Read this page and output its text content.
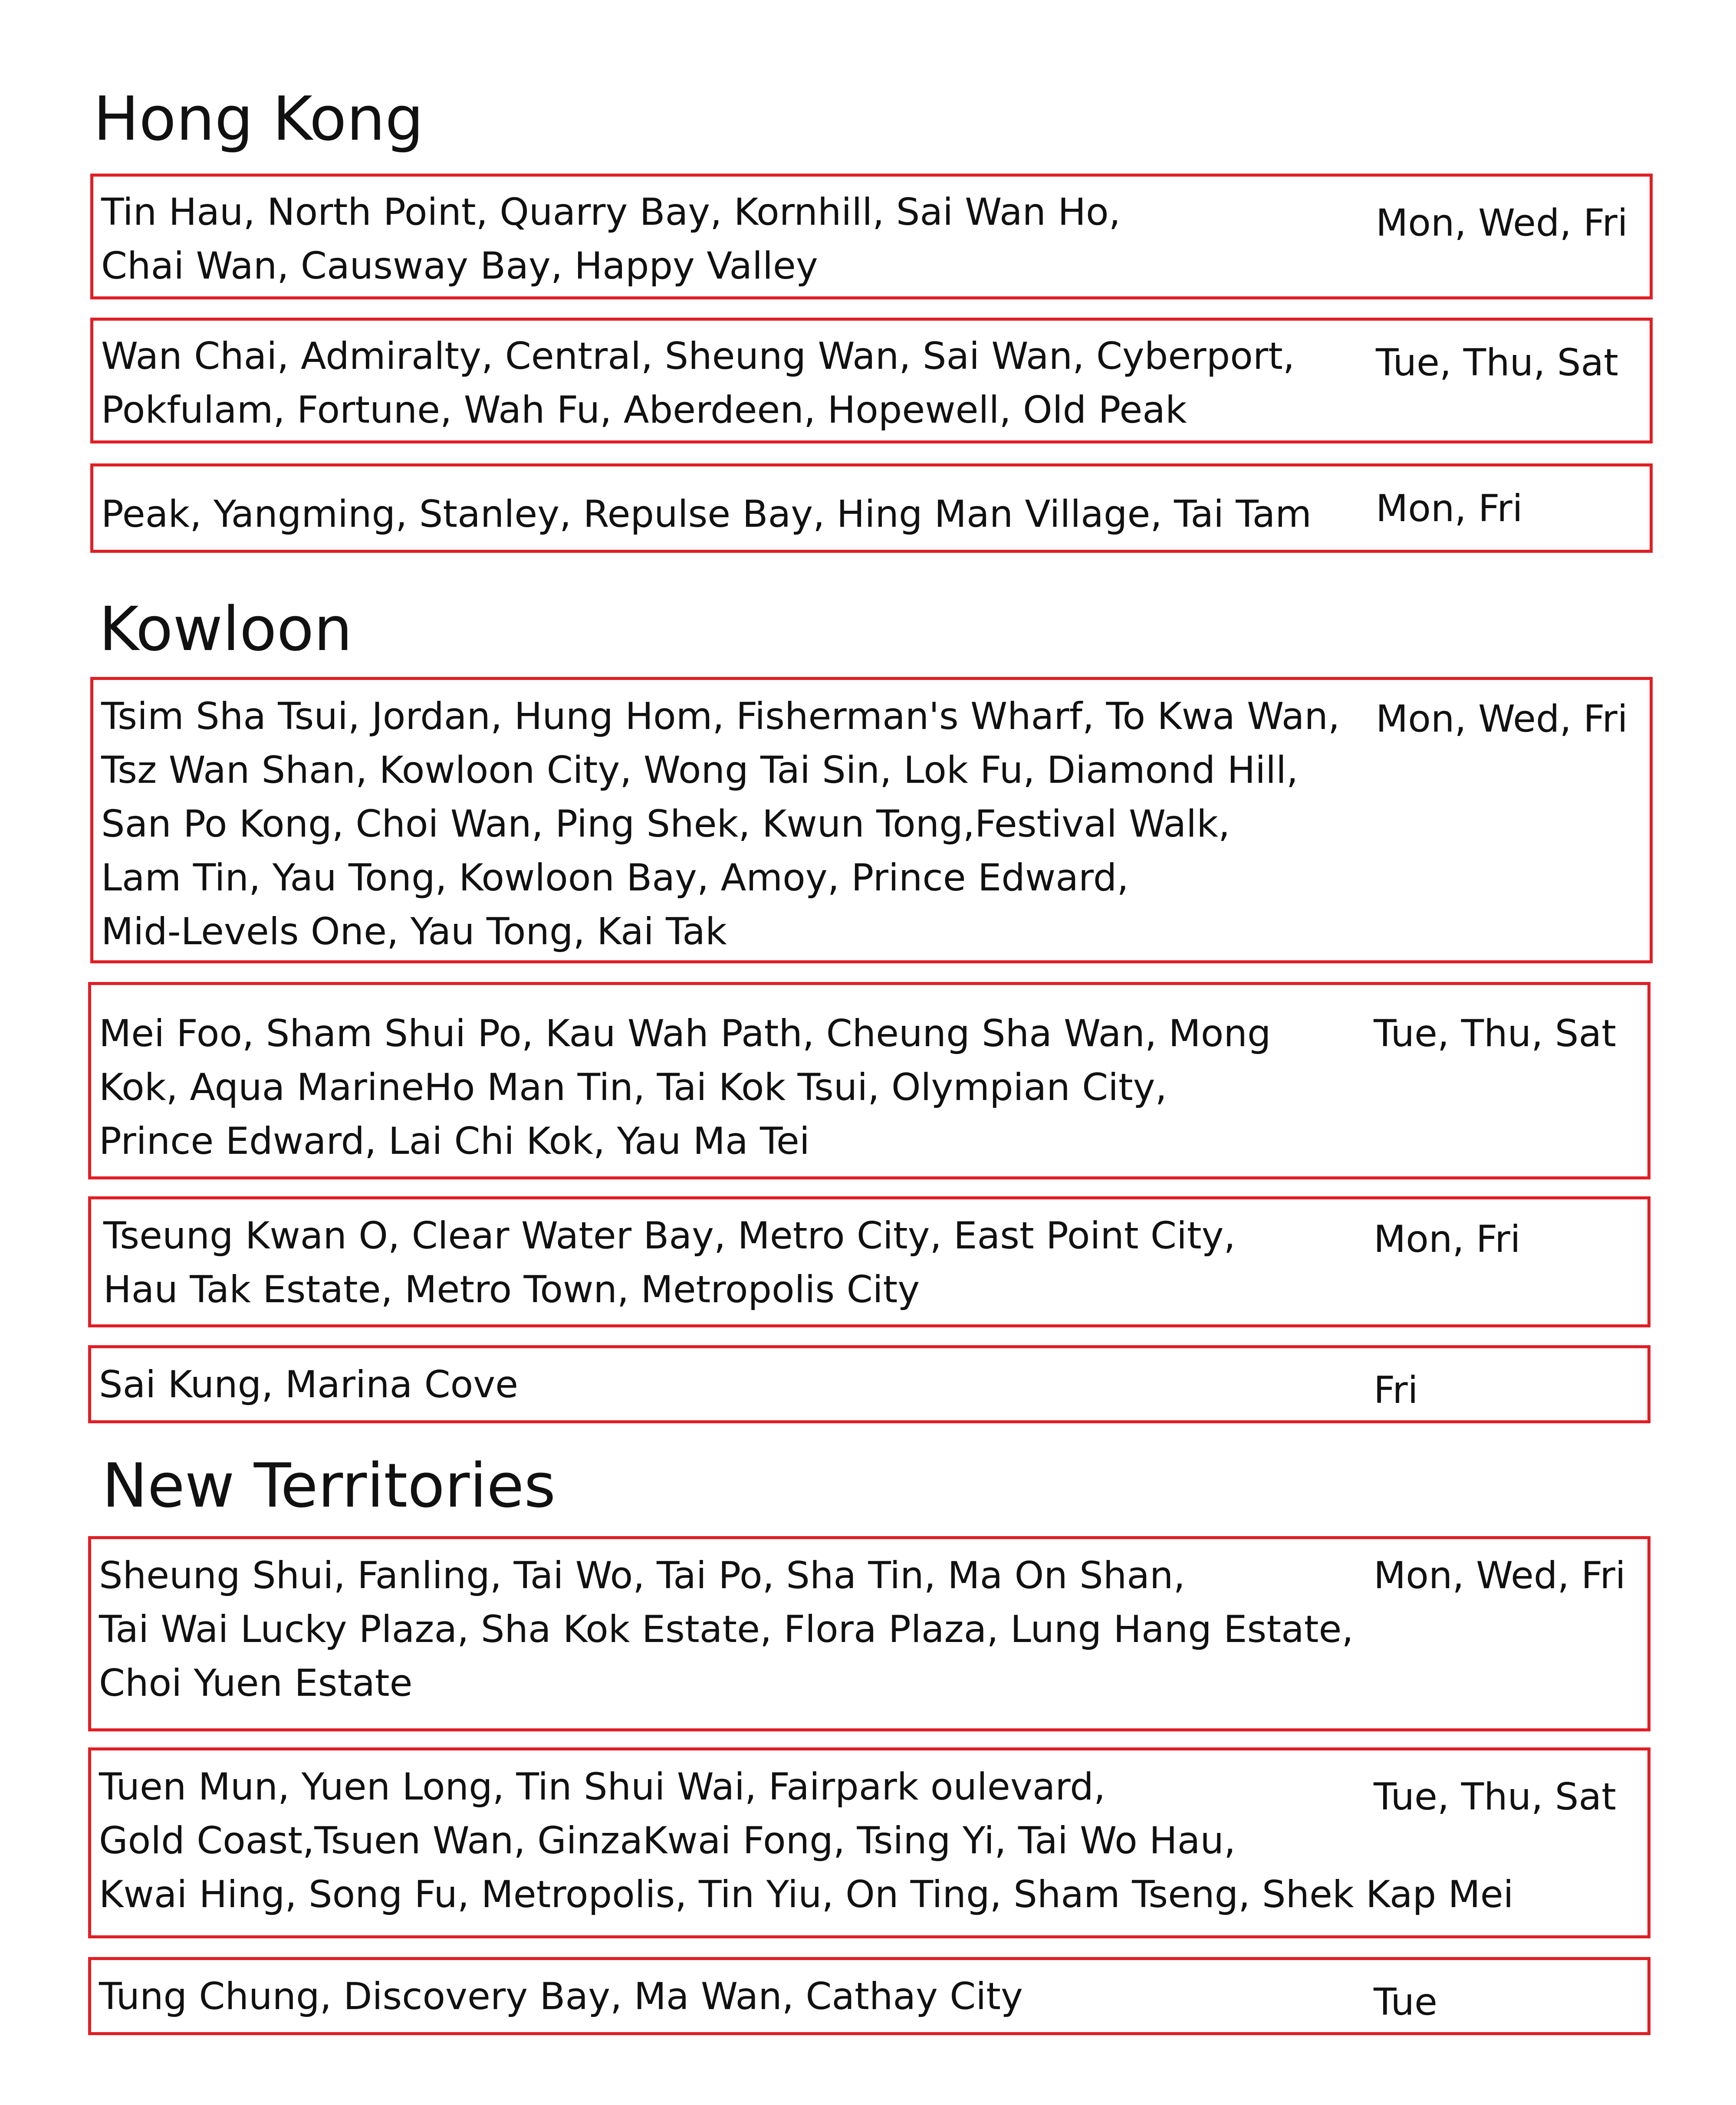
Hong Kong

Tin Hau, North Point, Quarry Bay, Kornhill, Sai Wan Ho,
Chai Wan, Causway Bay, Happy Valley

Mon, Wed, Fri

Wan Chai, Admiralty, Central, Sheung Wan, Sai Wan, Cyberport,
Pokfulam, Fortune, Wah Fu, Aberdeen, Hopewell, Old Peak

Tue, Thu, Sat

Peak, Yangming, Stanley, Repulse Bay, Hing Man Village, Tai Tam Mon, Fri

Kowloon

Tsim Sha Tsui, Jordan, Hung Hom, Fisherman's Wharf, To Kwa Wan,
Tsz Wan Shan, Kowloon City, Wong Tai Sin, Lok Fu, Diamond Hill,
San Po Kong, Choi Wan, Ping Shek, Kwun Tong,Festival Walk,
Lam Tin, Yau Tong, Kowloon Bay, Amoy, Prince Edward,
Mid-Levels One, Yau Tong, Kai Tak

Mon, Wed, Fri

Mei Foo, Sham Shui Po, Kau Wah Path, Cheung Sha Wan, Mong
Kok, Aqua MarineHo Man Tin, Tai Kok Tsui, Olympian City,
Prince Edward, Lai Chi Kok, Yau Ma Tei

Tue, Thu, Sat

Tseung Kwan O, Clear Water Bay, Metro City, East Point City,
Hau Tak Estate, Metro Town, Metropolis City

Mon, Fri

Sai Kung, Marina Cove	Fri

New Territories

Sheung Shui, Fanling, Tai Wo, Tai Po, Sha Tin, Ma On Shan,
Tai Wai Lucky Plaza, Sha Kok Estate, Flora Plaza, Lung Hang Estate,
Choi Yuen Estate

Mon, Wed, Fri

Tuen Mun, Yuen Long, Tin Shui Wai, Fairpark oulevard,
Gold Coast,Tsuen Wan, GinzaKwai Fong, Tsing Yi, Tai Wo Hau,
Kwai Hing, Song Fu, Metropolis, Tin Yiu, On Ting, Sham Tseng, Shek Kap Mei

Tue, Thu, Sat

Tung Chung, Discovery Bay, Ma Wan, Cathay City	Tue
